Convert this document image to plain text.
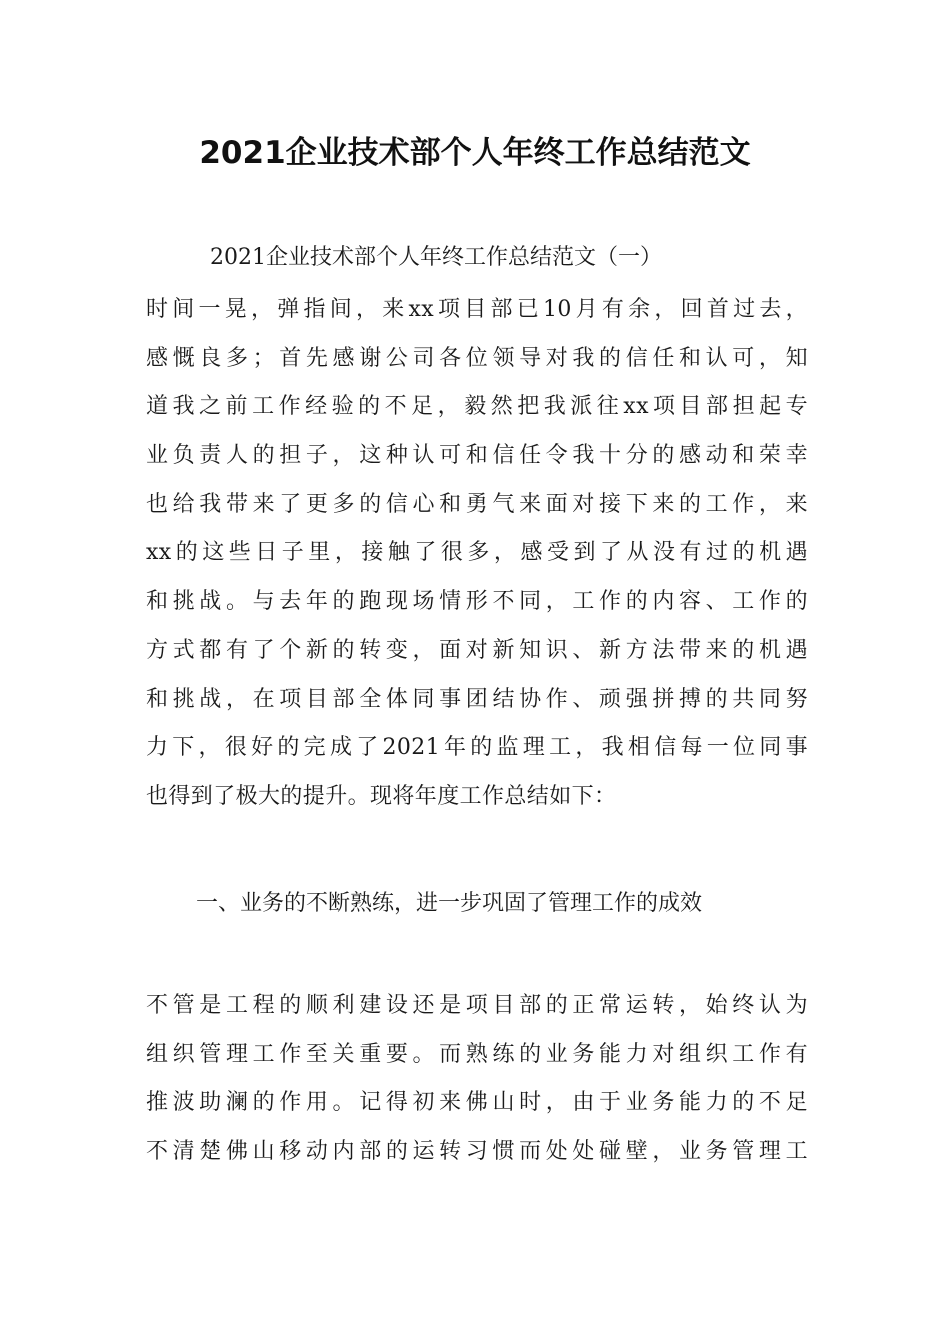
2021企业技术部个人年终工作总结范文
2021企业技术部个人年终工作总结范文（一）
时间一晃，弹指间，来xx项目部已10月有余，回首过去，
感慨良多；首先感谢公司各位领导对我的信任和认可，知
道我之前工作经验的不足，毅然把我派往xx项目部担起专
业负责人的担子，这种认可和信任令我十分的感动和荣幸
也给我带来了更多的信心和勇气来面对接下来的工作，来
xx的这些日子里，接触了很多，感受到了从没有过的机遇
和挑战。与去年的跑现场情形不同，工作的内容、工作的
方式都有了个新的转变，面对新知识、新方法带来的机遇
和挑战，在项目部全体同事团结协作、顽强拼搏的共同努
力下，很好的完成了2021年的监理工，我相信每一位同事
也得到了极大的提升。现将年度工作总结如下：
一、业务的不断熟练，进一步巩固了管理工作的成效
不管是工程的顺利建设还是项目部的正常运转，始终认为
组织管理工作至关重要。而熟练的业务能力对组织工作有
推波助澜的作用。记得初来佛山时，由于业务能力的不足
不清楚佛山移动内部的运转习惯而处处碰壁，业务管理工
